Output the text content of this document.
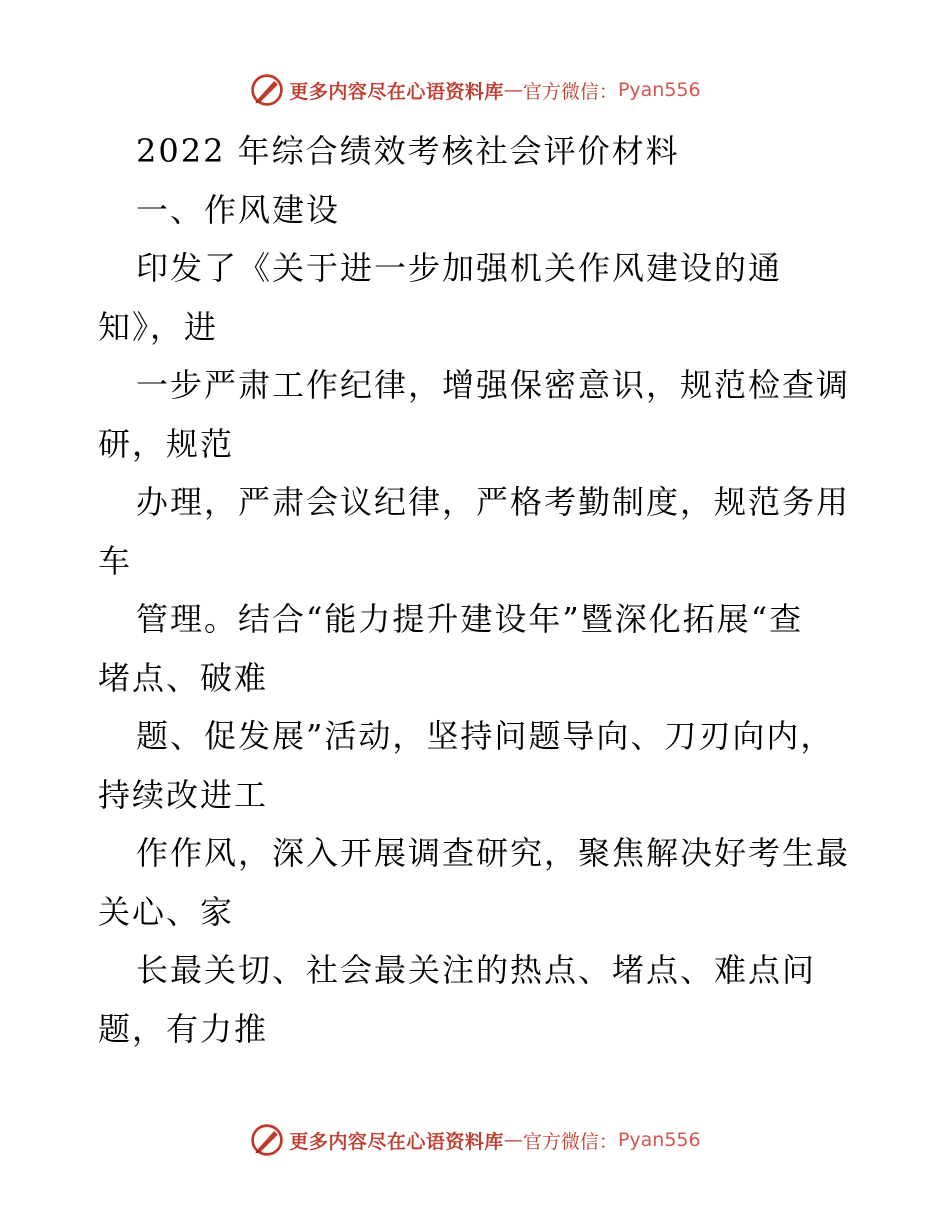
更多内容尽在心语资料库 — 官方微信： Pyan556
2022 年综合绩效考核社会评价材料
一、作风建设
印发了《关于进一步加强机关作风建设的通
知》，进
一步严肃工作纪律，增强保密意识，规范检查调
研，规范
办理，严肃会议纪律，严格考勤制度，规范务用
车
管理。结合“能力提升建设年”暨深化拓展“查
堵点、破难
题、促发展”活动，坚持问题导向、刀刃向内，
持续改进工
作作风，深入开展调查研究，聚焦解决好考生最
关心、家
长最关切、社会最关注的热点、堵点、难点问
题，有力推
更多内容尽在心语资料库 — 官方微信： Pyan556
